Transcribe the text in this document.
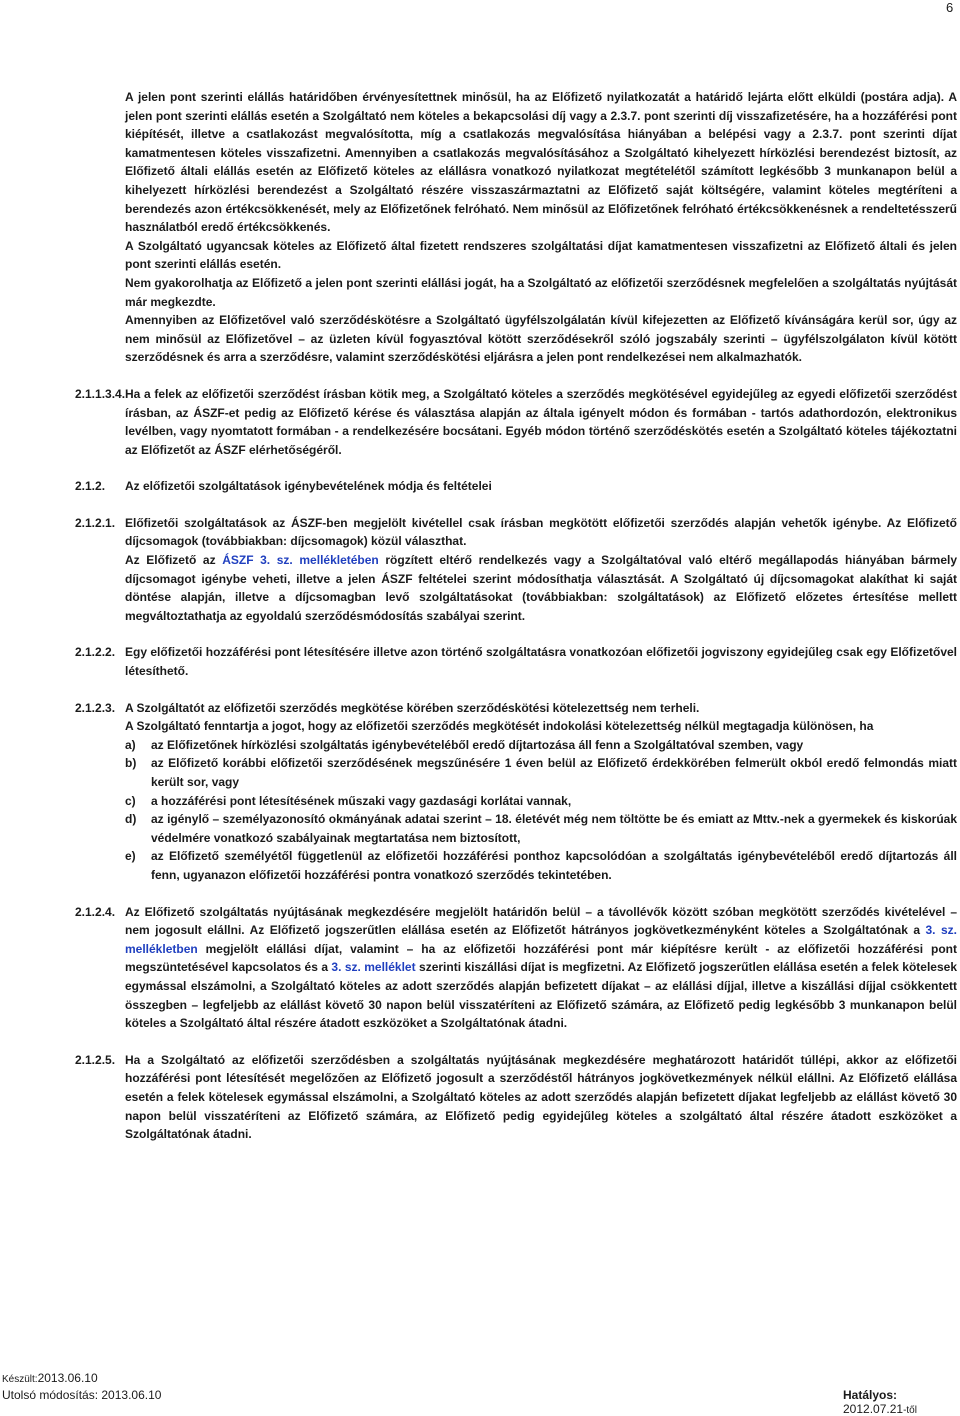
6

A jelen pont szerinti elállás határidőben érvényesítettnek minősül, ha az Előfizető nyilatkozatát a határidő lejárta előtt elküldi (postára adja). A jelen pont szerinti elállás esetén a Szolgáltató nem köteles a bekapcsolási díj vagy a 2.3.7. pont szerinti díj visszafizetésére, ha a hozzáférési pont kiépítését, illetve a csatlakozást megvalósította, míg a csatlakozás megvalósítása hiányában a belépési vagy a 2.3.7. pont szerinti díjat kamatmentesen köteles visszafizetni. Amennyiben a csatlakozás megvalósításához a Szolgáltató kihelyezett hírközlési berendezést biztosít, az Előfizető általi elállás esetén az Előfizető köteles az elállásra vonatkozó nyilatkozat megtételétől számított legkésőbb 3 munkanapon belül a kihelyezett hírközlési berendezést a Szolgáltató részére visszaszármaztatni az Előfizető saját költségére, valamint köteles megtéríteni a berendezés azon értékcsökkenését, mely az Előfizetőnek felróható. Nem minősül az Előfizetőnek felróható értékcsökkenésnek a rendeltetésszerű használatból eredő értékcsökkenés.

A Szolgáltató ugyancsak köteles az Előfizető által fizetett rendszeres szolgáltatási díjat kamatmentesen visszafizetni az Előfizető általi és jelen pont szerinti elállás esetén.

Nem gyakorolhatja az Előfizető a jelen pont szerinti elállási jogát, ha a Szolgáltató az előfizetői szerződésnek megfelelően a szolgáltatás nyújtását már megkezdte.

Amennyiben az Előfizetővel való szerződéskötésre a Szolgáltató ügyfélszolgálatán kívül kifejezetten az Előfizető kívánságára kerül sor, úgy az nem minősül az Előfizetővel – az üzleten kívül fogyasztóval kötött szerződésekről szóló jogszabály szerinti – ügyfélszolgálaton kívül kötött szerződésnek és arra a szerződésre, valamint szerződéskötési eljárásra a jelen pont rendelkezései nem alkalmazhatók.

2.1.1.3.4. Ha a felek az előfizetői szerződést írásban kötik meg, a Szolgáltató köteles a szerződés megkötésével egyidejűleg az egyedi előfizetői szerződést írásban, az ÁSZF-et pedig az Előfizető kérése és választása alapján az általa igényelt módon és formában - tartós adathordozón, elektronikus levélben, vagy nyomtatott formában - a rendelkezésére bocsátani. Egyéb módon történő szerződéskötés esetén a Szolgáltató köteles tájékoztatni az Előfizetőt az ÁSZF elérhetőségéről.
2.1.2.	Az előfizetői szolgáltatások igénybevételének módja és feltételei
2.1.2.1. Előfizetői szolgáltatások az ÁSZF-ben megjelölt kivétellel csak írásban megkötött előfizetői szerződés alapján vehetők igénybe. Az Előfizető díjcsomagok (továbbiakban: díjcsomagok) közül választhat.
Az Előfizető az ÁSZF 3. sz. mellékletében rögzített eltérő rendelkezés vagy a Szolgáltatóval való eltérő megállapodás hiányában bármely díjcsomagot igénybe veheti, illetve a jelen ÁSZF feltételei szerint módosíthatja választását. A Szolgáltató új díjcsomagokat alakíthat ki saját döntése alapján, illetve a díjcsomagban levő szolgáltatásokat (továbbiakban: szolgáltatások) az Előfizető előzetes értesítése mellett megváltoztathatja az egyoldalú szerződésmódosítás szabályai szerint.
2.1.2.2. Egy előfizetői hozzáférési pont létesítésére illetve azon történő szolgáltatásra vonatkozóan előfizetői jogviszony egyidejűleg csak egy Előfizetővel létesíthető.
2.1.2.3. A Szolgáltatót az előfizetői szerződés megkötése körében szerződéskötési kötelezettség nem terheli.
A Szolgáltató fenntartja a jogot, hogy az előfizetői szerződés megkötését indokolási kötelezettség nélkül megtagadja különösen, ha
a)	az Előfizetőnek hírközlési szolgáltatás igénybevételéből eredő díjtartozása áll fenn a Szolgáltatóval szemben, vagy
b)	az Előfizető korábbi előfizetői szerződésének megszűnésére 1 éven belül az Előfizető érdekkörében felmerült okból eredő felmondás miatt került sor, vagy
c)	a hozzáférési pont létesítésének műszaki vagy gazdasági korlátai vannak,
d)	az igénylő – személyazonosító okmányának adatai szerint – 18. életévét még nem töltötte be és emiatt az Mttv.-nek a gyermekek és kiskorúak védelmére vonatkozó szabályainak megtartatása nem biztosított,
e)	az Előfizető személyétől függetlenül az előfizetői hozzáférési ponthoz kapcsolódóan a szolgáltatás igénybevételéből eredő díjtartozás áll fenn, ugyanazon előfizetői hozzáférési pontra vonatkozó szerződés tekintetében.
2.1.2.4. Az Előfizető szolgáltatás nyújtásának megkezdésére megjelölt határidőn belül – a távollévők között szóban megkötött szerződés kivételével – nem jogosult elállni. Az Előfizető jogszerűtlen elállása esetén az Előfizetőt hátrányos jogkövetkezményként köteles a Szolgáltatónak a 3. sz. mellékletben megjelölt elállási díjat, valamint – ha az előfizetői hozzáférési pont már kiépítésre került - az előfizetői hozzáférési pont megszüntetésével kapcsolatos és a 3. sz. melléklet szerinti kiszállási díjat is megfizetni. Az Előfizető jogszerűtlen elállása esetén a felek kötelesek egymással elszámolni, a Szolgáltató köteles az adott szerződés alapján befizetett díjakat – az elállási díjjal, illetve a kiszállási díjjal csökkentett összegben – legfeljebb az elállást követő 30 napon belül visszatéríteni az Előfizető számára, az Előfizető pedig legkésőbb 3 munkanapon belül köteles a Szolgáltató által részére átadott eszközöket a Szolgáltatónak átadni.
2.1.2.5. Ha a Szolgáltató az előfizetői szerződésben a szolgáltatás nyújtásának megkezdésére meghatározott határidőt túllépi, akkor az előfizetői hozzáférési pont létesítését megelőzően az Előfizető jogosult a szerződéstől hátrányos jogkövetkezmények nélkül elállni. Az Előfizető elállása esetén a felek kötelesek egymással elszámolni, a Szolgáltató köteles az adott szerződés alapján befizetett díjakat legfeljebb az elállást követő 30 napon belül visszatéríteni az Előfizető számára, az Előfizető pedig egyidejűleg köteles a szolgáltató által részére átadott eszközöket a Szolgáltatónak átadni.
Készült:2013.06.10
Utolsó módosítás: 2013.06.10	Hatályos: 2012.07.21-től
